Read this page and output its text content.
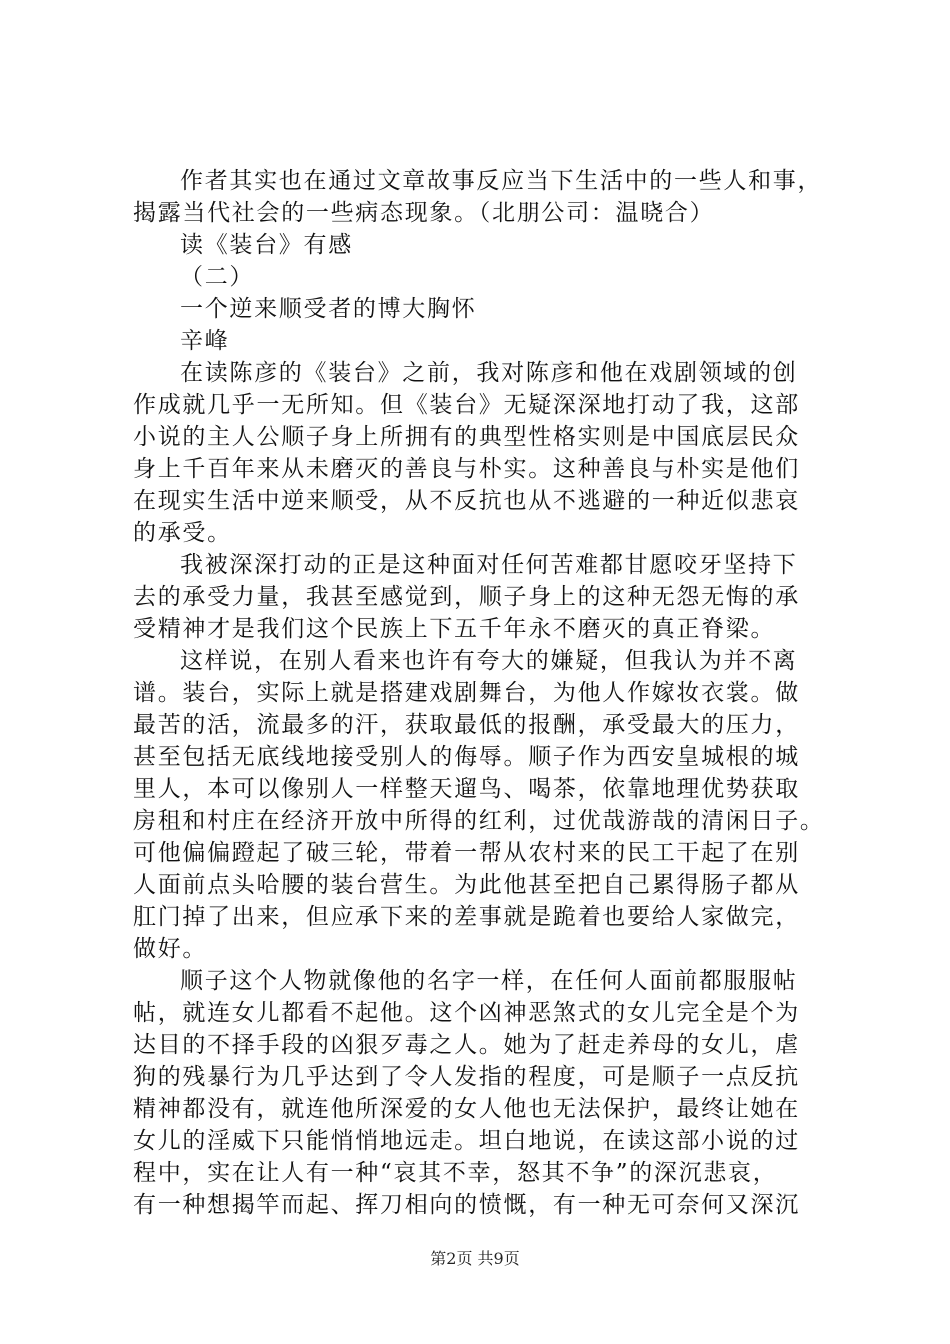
作者其实也在通过文章故事反应当下生活中的一些人和事，
揭露当代社会的一些病态现象。（北朋公司：温晓合）
读《装台》有感
（二）
一个逆来顺受者的博大胸怀
辛峰
在读陈彦的《装台》之前，我对陈彦和他在戏剧领域的创
作成就几乎一无所知。但《装台》无疑深深地打动了我，这部
小说的主人公顺子身上所拥有的典型性格实则是中国底层民众
身上千百年来从未磨灭的善良与朴实。这种善良与朴实是他们
在现实生活中逆来顺受，从不反抗也从不逃避的一种近似悲哀
的承受。
我被深深打动的正是这种面对任何苦难都甘愿咬牙坚持下
去的承受力量，我甚至感觉到，顺子身上的这种无怨无悔的承
受精神才是我们这个民族上下五千年永不磨灭的真正脊梁。
这样说，在别人看来也许有夸大的嫌疑，但我认为并不离
谱。装台，实际上就是搭建戏剧舞台，为他人作嫁妆衣裳。做
最苦的活，流最多的汗，获取最低的报酬，承受最大的压力，
甚至包括无底线地接受别人的侮辱。顺子作为西安皇城根的城
里人，本可以像别人一样整天遛鸟、喝茶，依靠地理优势获取
房租和村庄在经济开放中所得的红利，过优哉游哉的清闲日子。
可他偏偏蹬起了破三轮，带着一帮从农村来的民工干起了在别
人面前点头哈腰的装台营生。为此他甚至把自己累得肠子都从
肛门掉了出来，但应承下来的差事就是跪着也要给人家做完，
做好。
顺子这个人物就像他的名字一样，在任何人面前都服服帖
帖，就连女儿都看不起他。这个凶神恶煞式的女儿完全是个为
达目的不择手段的凶狠歹毒之人。她为了赶走养母的女儿，虐
狗的残暴行为几乎达到了令人发指的程度，可是顺子一点反抗
精神都没有，就连他所深爱的女人他也无法保护，最终让她在
女儿的淫威下只能悄悄地远走。坦白地说，在读这部小说的过
程中，实在让人有一种“哀其不幸，怒其不争”的深沉悲哀，
有一种想揭竿而起、挥刀相向的愤慨，有一种无可奈何又深沉
第2页 共9页
